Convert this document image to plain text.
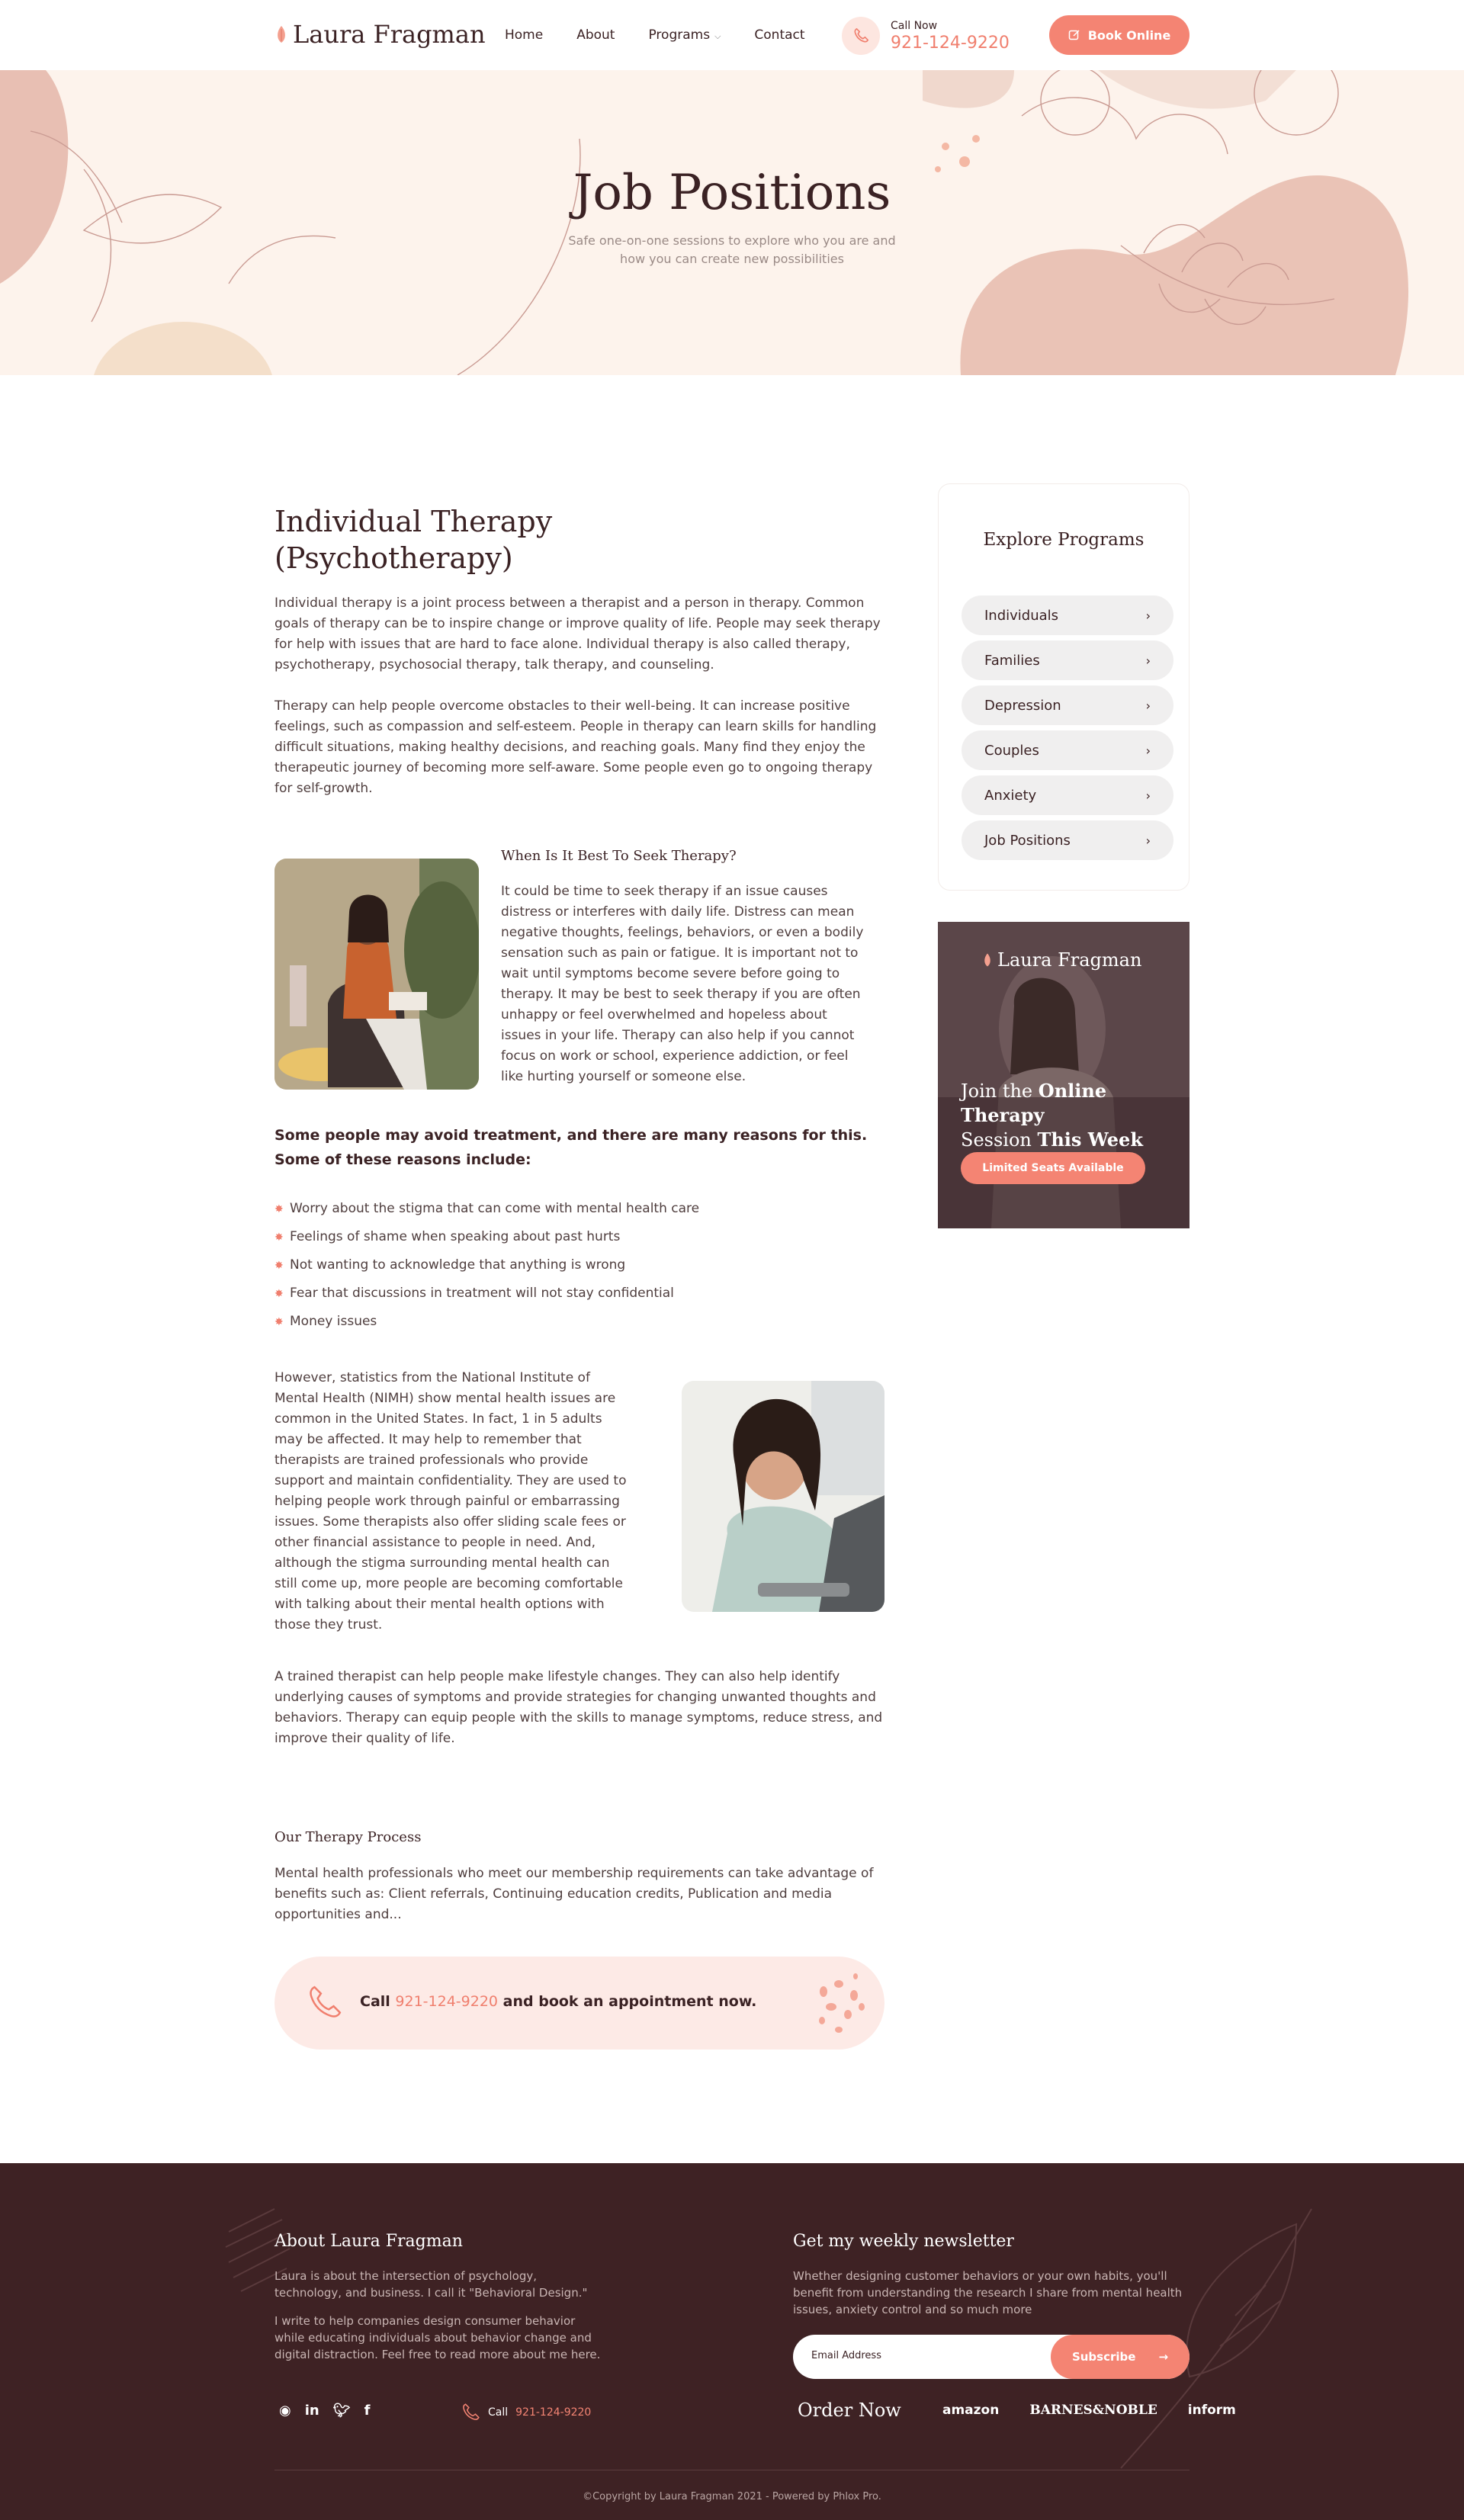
Laura Fragman Home	About	Programs ⌵	Contact
Call Now
921-124-9220	Book Online
Job Positions

Safe one-on-one sessions to explore who you are and how you can create new possibilities

Individual Therapy (Psychotherapy)

Individual therapy is a joint process between a therapist and a person in therapy. Common goals of therapy can be to inspire change or improve quality of life. People may seek therapy for help with issues that are hard to face alone. Individual therapy is also called therapy, psychotherapy, psychosocial therapy, talk therapy, and counseling.

Therapy can help people overcome obstacles to their well-being. It can increase positive feelings, such as compassion and self-esteem. People in therapy can learn skills for handling difficult situations, making healthy decisions, and reaching goals. Many find they enjoy the therapeutic journey of becoming more self-aware. Some people even go to ongoing therapy for self-growth.

When Is It Best To Seek Therapy?

It could be time to seek therapy if an issue causes distress or interferes with daily life. Distress can mean negative thoughts, feelings, behaviors, or even a bodily sensation such as pain or fatigue. It is important not to wait until symptoms become severe before going to therapy. It may be best to seek therapy if you are often unhappy or feel overwhelmed and hopeless about issues in your life. Therapy can also help if you cannot focus on work or school, experience addiction, or feel like hurting yourself or someone else.

Some people may avoid treatment, and there are many reasons for this. Some of these reasons include:
✸ Worry about the stigma that can come with mental health care
✸ Feelings of shame when speaking about past hurts
✸ Not wanting to acknowledge that anything is wrong
✸ Fear that discussions in treatment will not stay confidential
✸ Money issues

However, statistics from the National Institute of Mental Health (NIMH) show mental health issues are common in the United States. In fact, 1 in 5 adults may be affected. It may help to remember that therapists are trained professionals who provide support and maintain confidentiality. They are used to helping people work through painful or embarrassing issues. Some therapists also offer sliding scale fees or other financial assistance to people in need. And, although the stigma surrounding mental health can still come up, more people are becoming comfortable with talking about their mental health options with those they trust.

A trained therapist can help people make lifestyle changes. They can also help identify underlying causes of symptoms and provide strategies for changing unwanted thoughts and behaviors. Therapy can equip people with the skills to manage symptoms, reduce stress, and improve their quality of life.

Our Therapy Process

Mental health professionals who meet our membership requirements can take advantage of benefits such as: Client referrals, Continuing education credits, Publication and media opportunities and...

Call 921-124-9220 and book an appointment now.
Explore Programs
Individuals	›
Families	›
Depression	›
Couples	›
Anxiety	›
Job Positions	›
Laura Fragman
Join the Online Therapy
Session This Week
Limited Seats Available
About Laura Fragman

Laura is about the intersection of psychology, technology, and business. I call it "Behavioral Design."

I write to help companies design consumer behavior while educating individuals about behavior change and digital distraction. Feel free to read more about me here.

Get my weekly newsletter

Whether designing customer behaviors or your own habits, you'll benefit from understanding the research I share from mental health issues, anxiety control and so much more

Email Address	Subscribe →
◉ in 🐦︎ f	Call 921-124-9220	Order Now	amazon BARNES&NOBLE inform
©Copyright by Laura Fragman 2021 - Powered by Phlox Pro.
